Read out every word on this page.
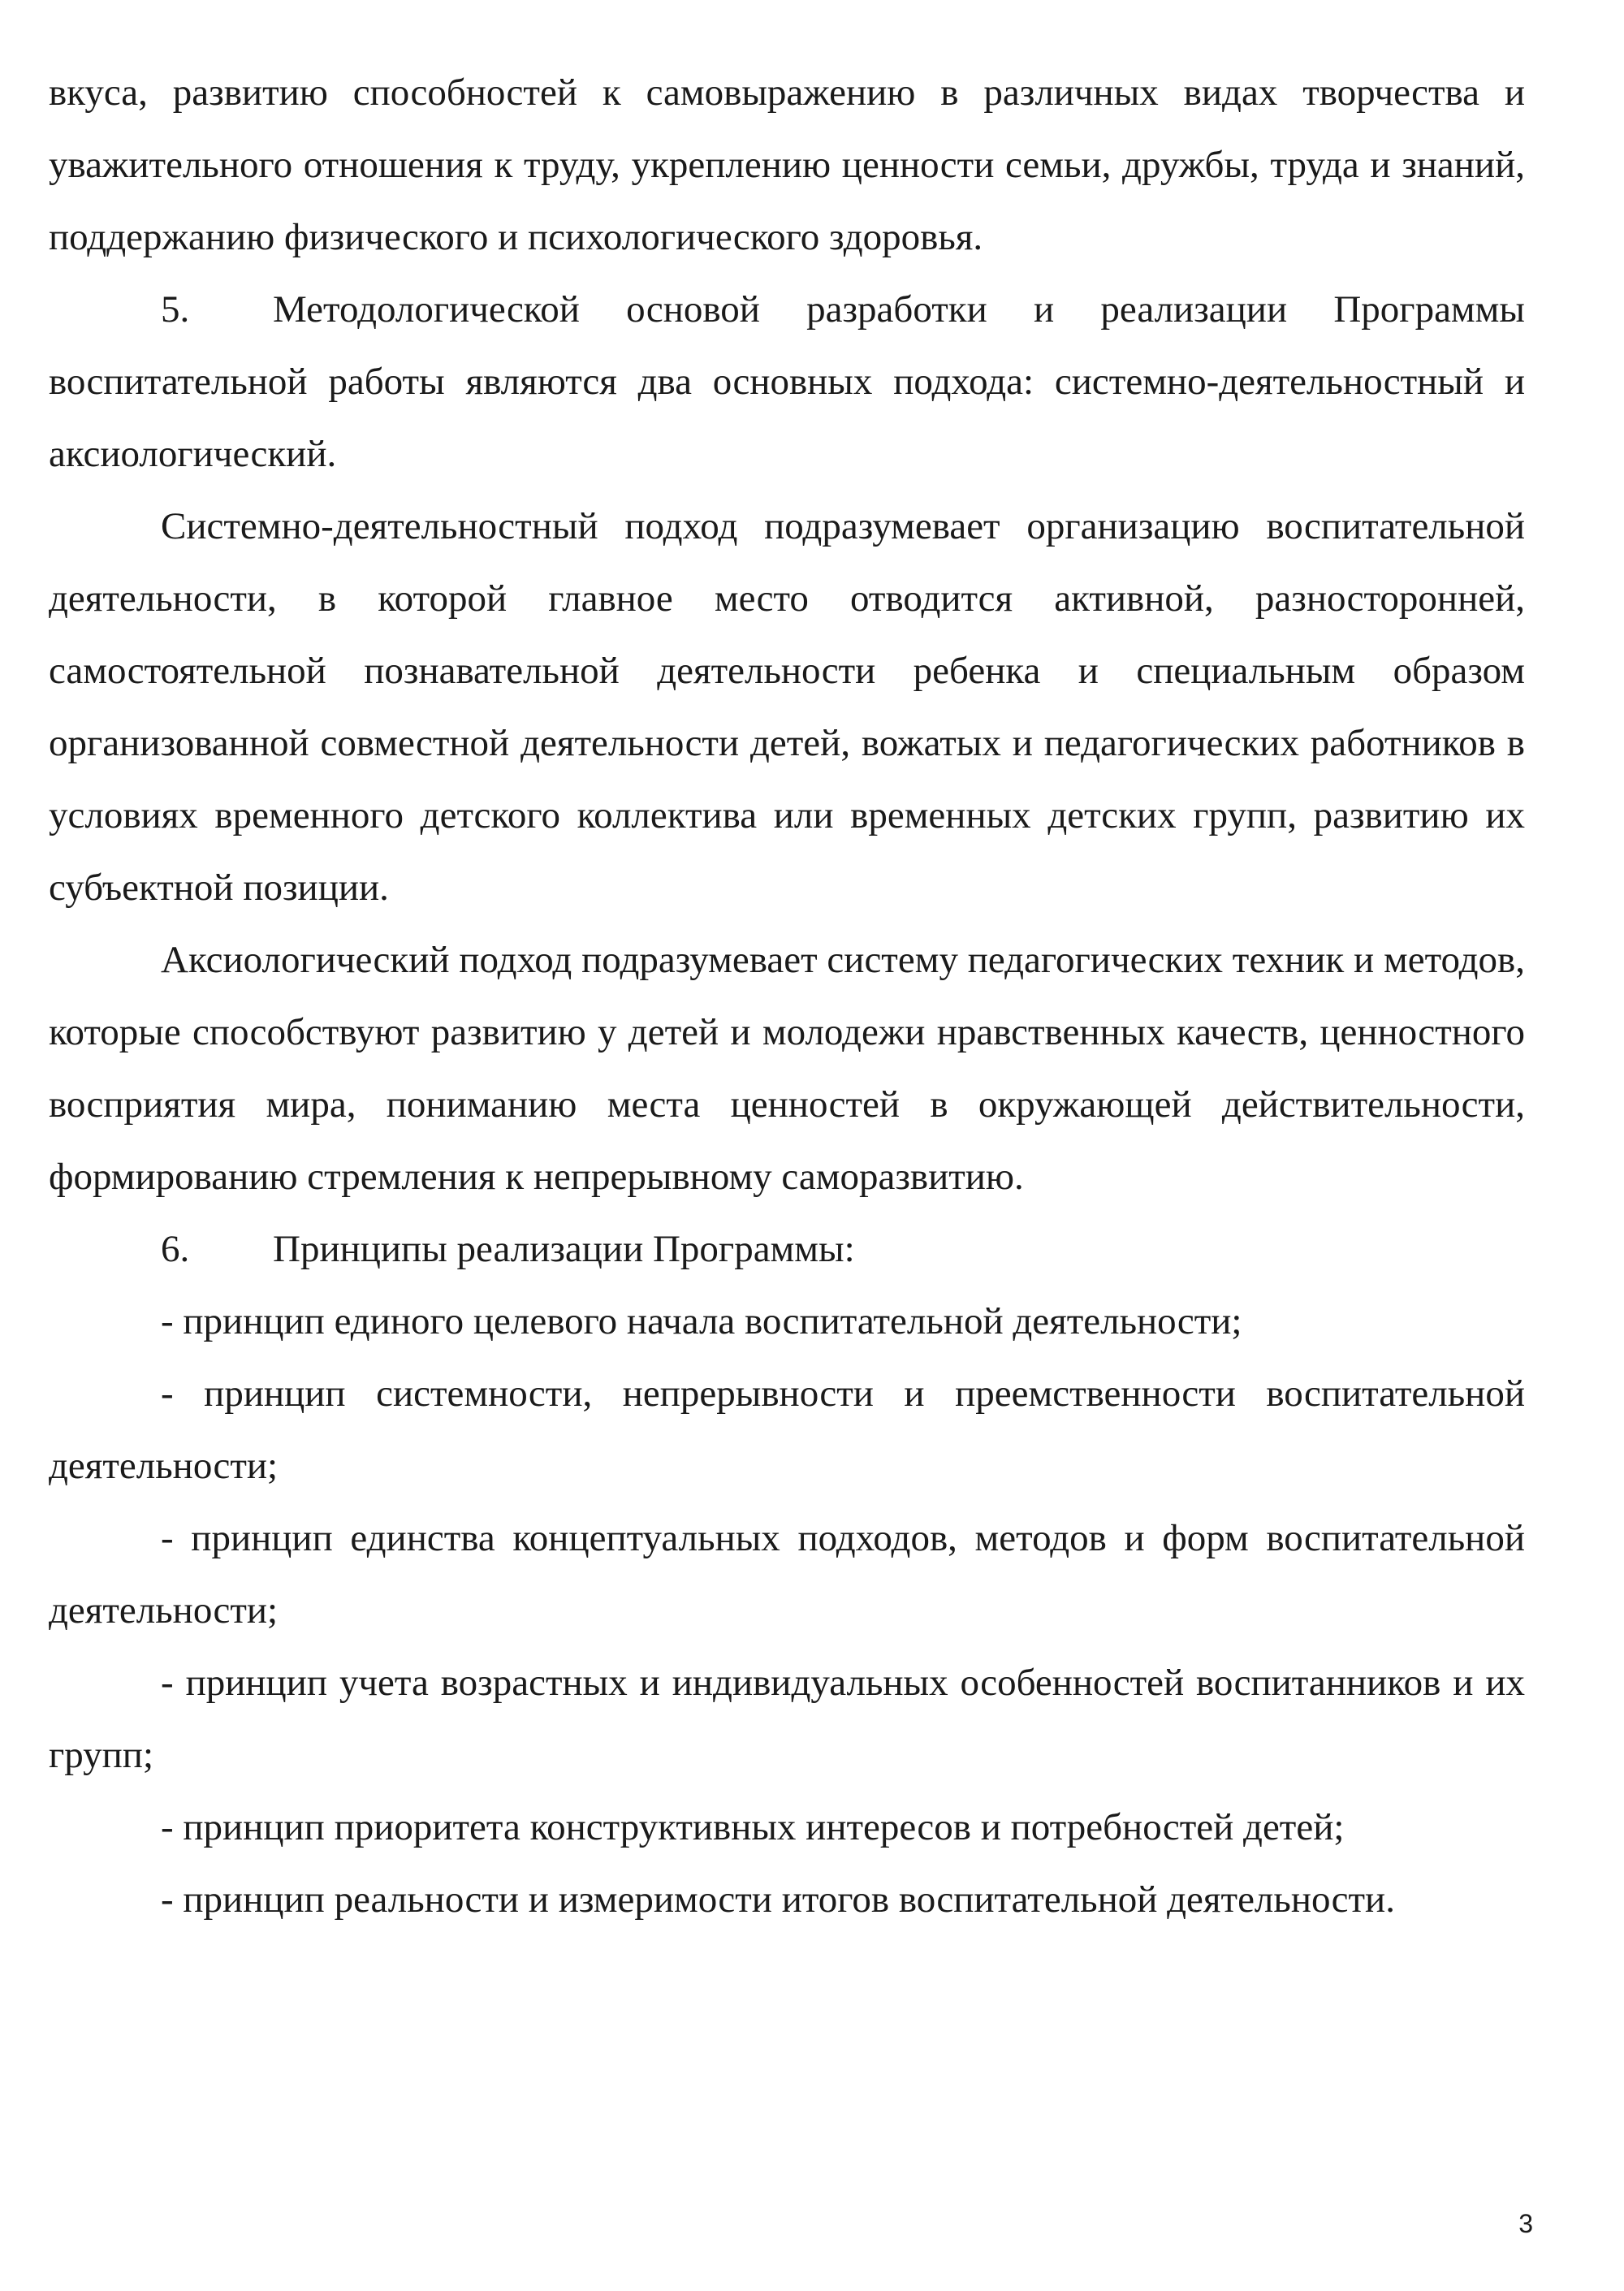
вкуса, развитию способностей к самовыражению в различных видах творчества и уважительного отношения к труду, укреплению ценности семьи, дружбы, труда и знаний, поддержанию физического и психологического здоровья.

5. Методологической основой разработки и реализации Программы воспитательной работы являются два основных подхода: системно-деятельностный и аксиологический.

Системно-деятельностный подход подразумевает организацию воспитательной деятельности, в которой главное место отводится активной, разносторонней, самостоятельной познавательной деятельности ребенка и специальным образом организованной совместной деятельности детей, вожатых и педагогических работников в условиях временного детского коллектива или временных детских групп, развитию их субъектной позиции.

Аксиологический подход подразумевает систему педагогических техник и методов, которые способствуют развитию у детей и молодежи нравственных качеств, ценностного восприятия мира, пониманию места ценностей в окружающей действительности, формированию стремления к непрерывному саморазвитию.

6. Принципы реализации Программы:

- принцип единого целевого начала воспитательной деятельности;

- принцип системности, непрерывности и преемственности воспитательной деятельности;

- принцип единства концептуальных подходов, методов и форм воспитательной деятельности;

- принцип учета возрастных и индивидуальных особенностей воспитанников и их групп;

- принцип приоритета конструктивных интересов и потребностей детей;

- принцип реальности и измеримости итогов воспитательной деятельности.

3
